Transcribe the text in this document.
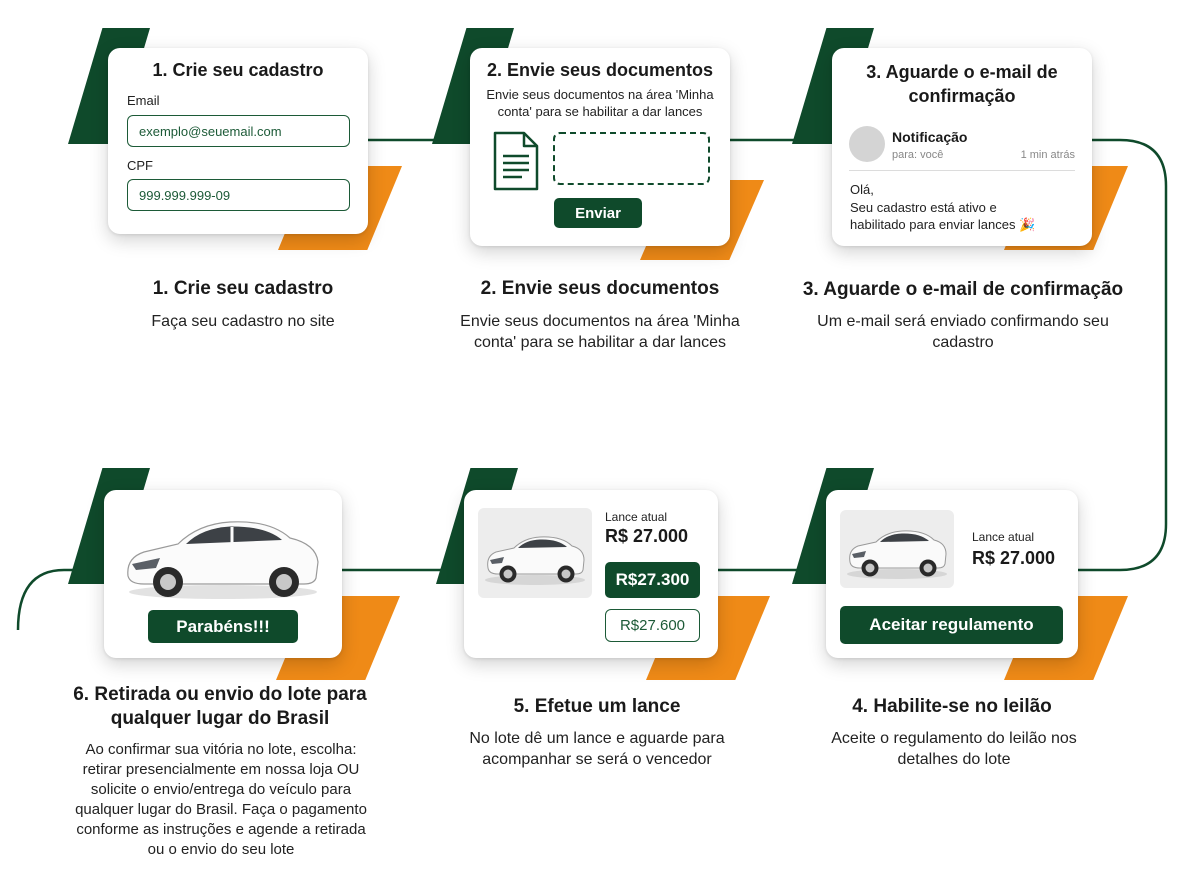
1. Crie seu cadastro
Email
exemplo@seuemail.com
CPF
999.999.999-09
1. Crie seu cadastro
Faça seu cadastro no site
2. Envie seus documentos
Envie seus documentos na área 'Minha conta' para se habilitar a dar lances
Enviar
2. Envie seus documentos
Envie seus documentos na área 'Minha conta' para se habilitar a dar lances
3. Aguarde o e-mail de confirmação
Notificação
para: você	1 min atrás
Olá,
Seu cadastro está ativo e habilitado para enviar lances 🎉
3. Aguarde o e-mail de confirmação
Um e-mail será enviado confirmando seu cadastro
Lance atual
R$ 27.000
Aceitar regulamento
4. Habilite-se no leilão
Aceite o regulamento do leilão nos detalhes do lote
Lance atual
R$ 27.000
R$27.300
R$27.600
5. Efetue um lance
No lote dê um lance e aguarde para acompanhar se será o vencedor
Parabéns!!!
6. Retirada ou envio do lote para qualquer lugar do Brasil
Ao confirmar sua vitória no lote, escolha: retirar presencialmente em nossa loja OU solicite o envio/entrega do veículo para qualquer lugar do Brasil. Faça o pagamento conforme as instruções e agende a retirada ou o envio do seu lote
